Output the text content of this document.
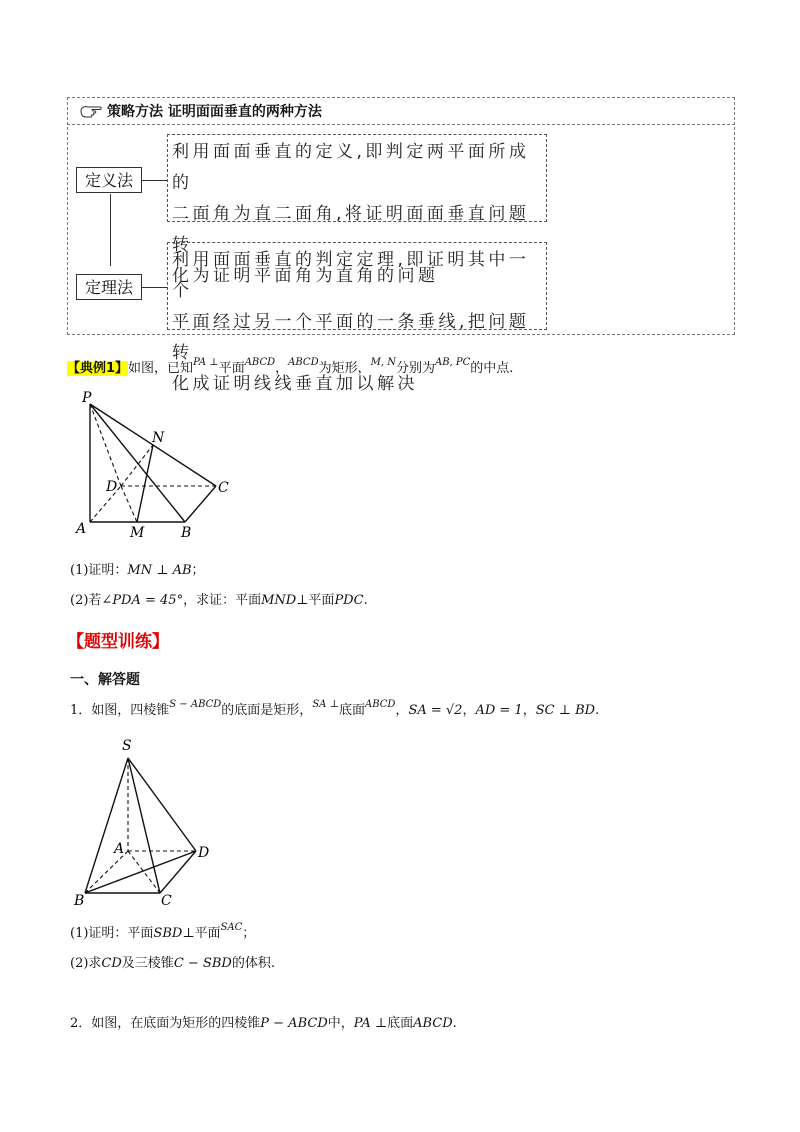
策略方法 证明面面垂直的两种方法
定义法
利用面面垂直的定义,即判定两平面所成的
二面角为直二面角,将证明面面垂直问题转
化为证明平面角为直角的问题
定理法
利用面面垂直的判定定理,即证明其中一个
平面经过另一个平面的一条垂线,把问题转
化成证明线线垂直加以解决
【典例1】如图，已知$^{PA \perp}$平面$^{ABCD}$，$^{ABCD}$为矩形，$^{M, N}$分别为$^{AB, PC}$的中点.
P
N
D	C
A	M	B
(1)证明：MN ⊥ AB；
(2)若∠PDA = 45°，求证：平面MND⊥平面PDC.
【题型训练】
一、解答题
1．如图，四棱锥$^{S - ABCD}$的底面是矩形，$^{SA \perp}$底面$^{ABCD}$，SA = √2，AD = 1，SC ⊥ BD.
S
A	D
B	C
(1)证明：平面SBD⊥平面$^{SAC}$；
(2)求CD及三棱锥C − SBD的体积.
2．如图，在底面为矩形的四棱锥P − ABCD中，PA ⊥底面ABCD.
